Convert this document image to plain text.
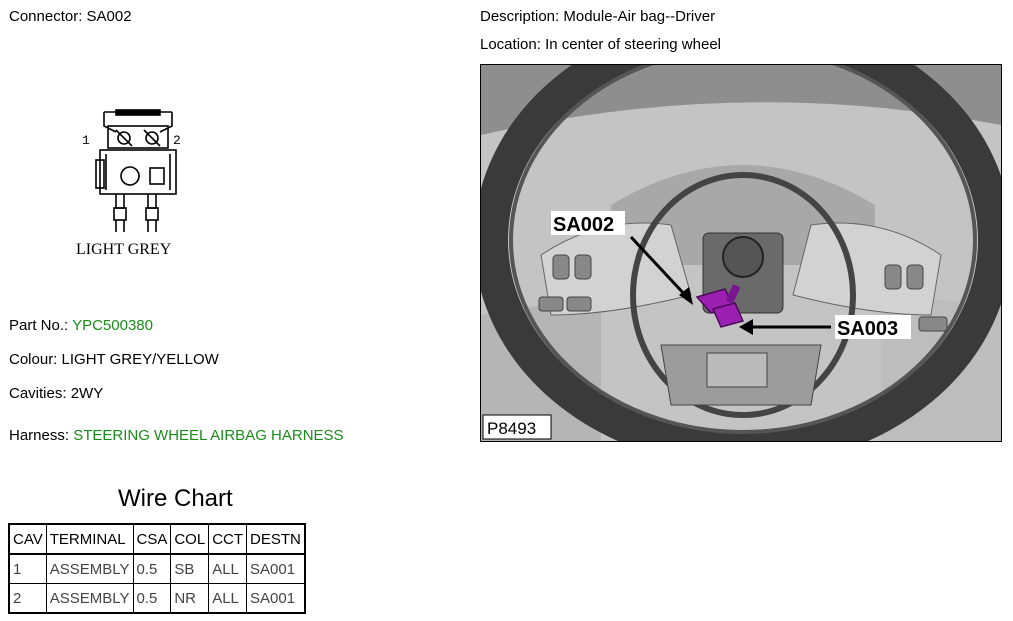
Connector: SA002	Description: Module-Air bag--Driver
Location: In center of steering wheel
1	2
LIGHT GREY
Part No.: YPC500380
Colour: LIGHT GREY/YELLOW
Cavities: 2WY
Harness: STEERING WHEEL AIRBAG HARNESS
SA002
SA003
P8493
Wire Chart
CAV	TERMINAL	CSA	COL	CCT	DESTN
1	ASSEMBLY	0.5	SB	ALL	SA001
2	ASSEMBLY	0.5	NR	ALL	SA001
